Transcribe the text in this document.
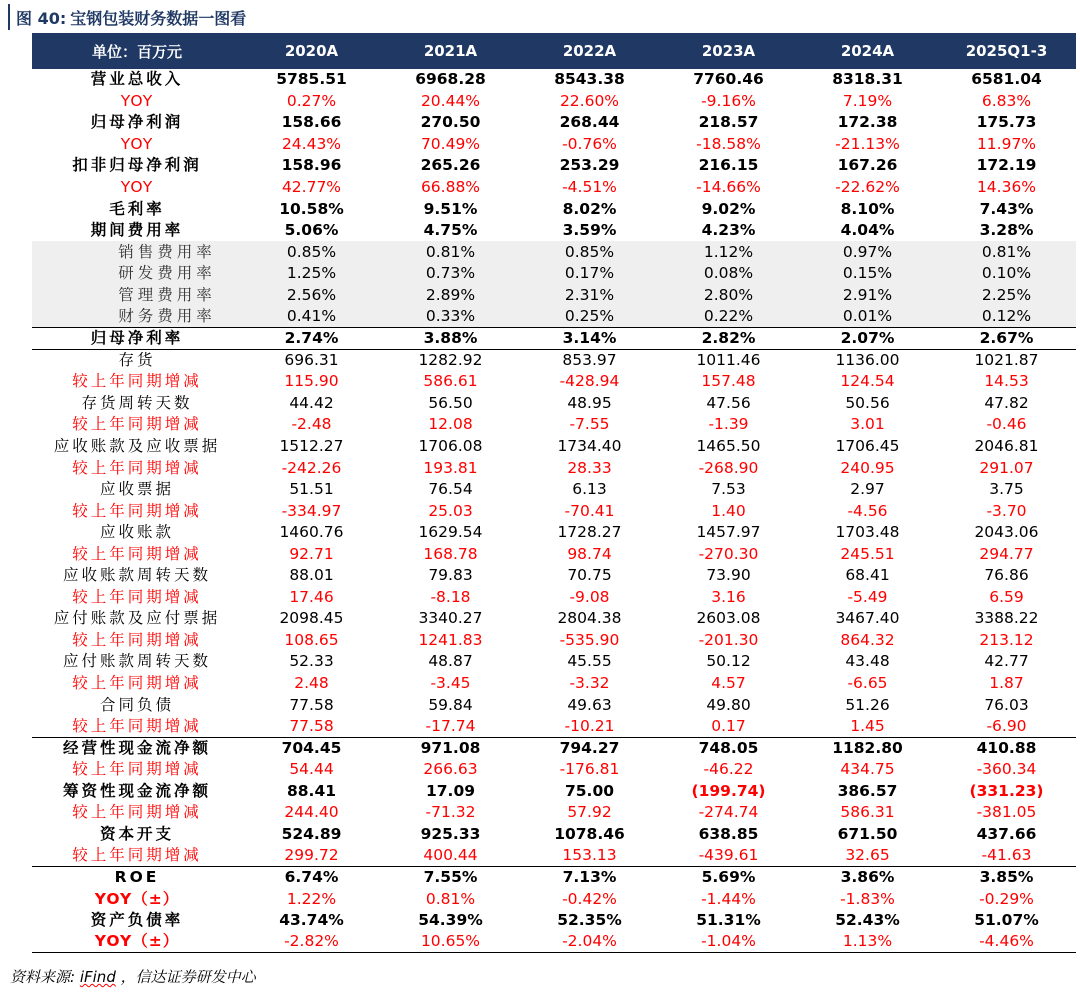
图 40: 宝钢包装财务数据一图看
单位：百万元	2020A	2021A	2022A	2023A	2024A	2025Q1-3
营业总收入	5785.51	6968.28	8543.38	7760.46	8318.31	6581.04
YOY	0.27%	20.44%	22.60%	-9.16%	7.19%	6.83%
归母净利润	158.66	270.50	268.44	218.57	172.38	175.73
YOY	24.43%	70.49%	-0.76%	-18.58%	-21.13%	11.97%
扣非归母净利润	158.96	265.26	253.29	216.15	167.26	172.19
YOY	42.77%	66.88%	-4.51%	-14.66%	-22.62%	14.36%
毛利率	10.58%	9.51%	8.02%	9.02%	8.10%	7.43%
期间费用率	5.06%	4.75%	3.59%	4.23%	4.04%	3.28%
销售费用率	0.85%	0.81%	0.85%	1.12%	0.97%	0.81%
研发费用率	1.25%	0.73%	0.17%	0.08%	0.15%	0.10%
管理费用率	2.56%	2.89%	2.31%	2.80%	2.91%	2.25%
财务费用率	0.41%	0.33%	0.25%	0.22%	0.01%	0.12%
归母净利率	2.74%	3.88%	3.14%	2.82%	2.07%	2.67%
存货	696.31	1282.92	853.97	1011.46	1136.00	1021.87
较上年同期增减	115.90	586.61	-428.94	157.48	124.54	14.53
存货周转天数	44.42	56.50	48.95	47.56	50.56	47.82
较上年同期增减	-2.48	12.08	-7.55	-1.39	3.01	-0.46
应收账款及应收票据	1512.27	1706.08	1734.40	1465.50	1706.45	2046.81
较上年同期增减	-242.26	193.81	28.33	-268.90	240.95	291.07
应收票据	51.51	76.54	6.13	7.53	2.97	3.75
较上年同期增减	-334.97	25.03	-70.41	1.40	-4.56	-3.70
应收账款	1460.76	1629.54	1728.27	1457.97	1703.48	2043.06
较上年同期增减	92.71	168.78	98.74	-270.30	245.51	294.77
应收账款周转天数	88.01	79.83	70.75	73.90	68.41	76.86
较上年同期增减	17.46	-8.18	-9.08	3.16	-5.49	6.59
应付账款及应付票据	2098.45	3340.27	2804.38	2603.08	3467.40	3388.22
较上年同期增减	108.65	1241.83	-535.90	-201.30	864.32	213.12
应付账款周转天数	52.33	48.87	45.55	50.12	43.48	42.77
较上年同期增减	2.48	-3.45	-3.32	4.57	-6.65	1.87
合同负债	77.58	59.84	49.63	49.80	51.26	76.03
较上年同期增减	77.58	-17.74	-10.21	0.17	1.45	-6.90
经营性现金流净额	704.45	971.08	794.27	748.05	1182.80	410.88
较上年同期增减	54.44	266.63	-176.81	-46.22	434.75	-360.34
筹资性现金流净额	88.41	17.09	75.00	(199.74)	386.57	(331.23)
较上年同期增减	244.40	-71.32	57.92	-274.74	586.31	-381.05
资本开支	524.89	925.33	1078.46	638.85	671.50	437.66
较上年同期增减	299.72	400.44	153.13	-439.61	32.65	-41.63
ROE	6.74%	7.55%	7.13%	5.69%	3.86%	3.85%
YOY（±）	1.22%	0.81%	-0.42%	-1.44%	-1.83%	-0.29%
资产负债率	43.74%	54.39%	52.35%	51.31%	52.43%	51.07%
YOY（±）	-2.82%	10.65%	-2.04%	-1.04%	1.13%	-4.46%
资料来源: iFind ，信达证券研发中心
